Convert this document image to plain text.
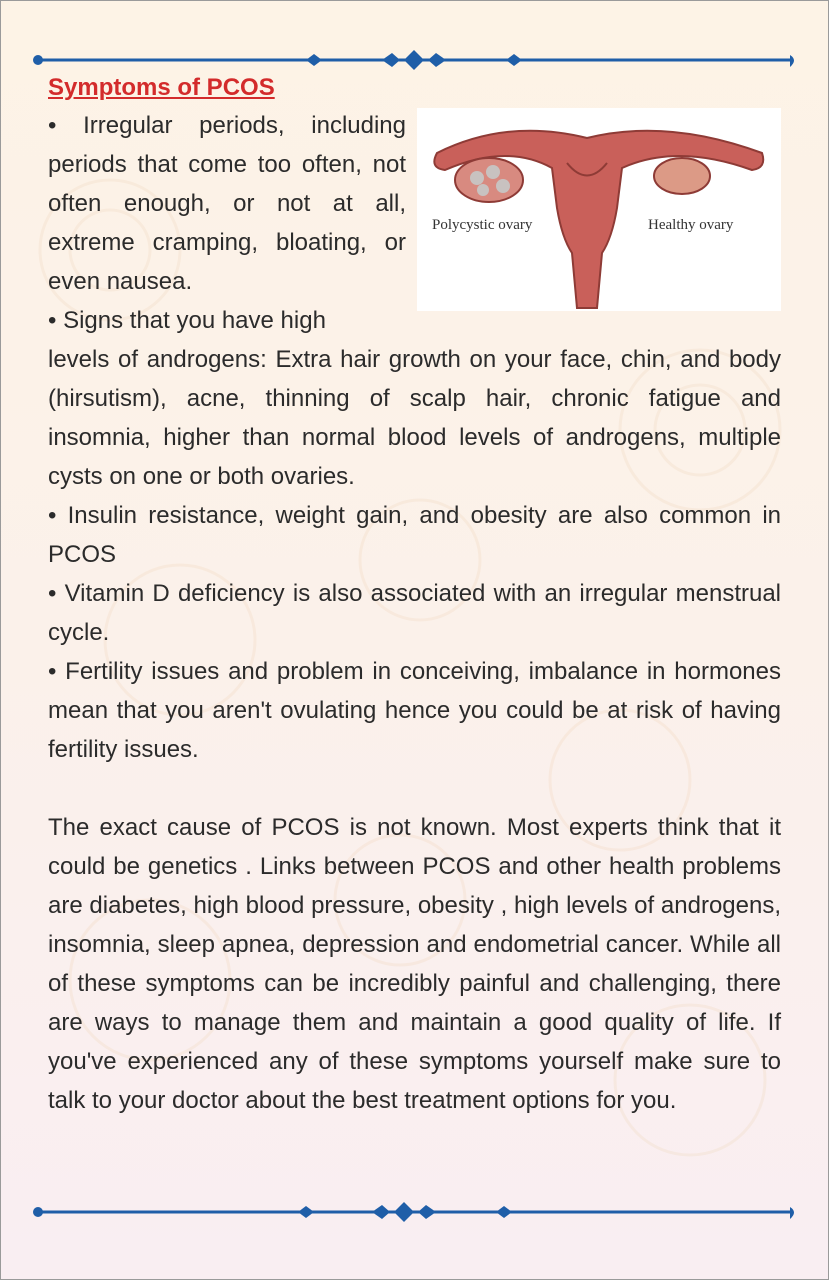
Symptoms of PCOS

• Irregular periods, including periods that come too often, not often enough, or not at all, extreme cramping, bloating, or even nausea.

• Signs that you have high

levels of androgens: Extra hair growth on your face, chin, and body (hirsutism), acne, thinning of scalp hair, chronic fatigue and insomnia, higher than normal blood levels of androgens, multiple cysts on one or both ovaries.

• Insulin resistance, weight gain, and obesity are also common in PCOS

• Vitamin D deficiency is also associated with an irregular menstrual cycle.

• Fertility issues and problem in conceiving, imbalance in hormones mean that you aren't ovulating hence you could be at risk of having fertility issues.

The exact cause of PCOS is not known. Most experts think that it could be genetics . Links between PCOS and other health problems are diabetes, high blood pressure, obesity , high levels of androgens, insomnia, sleep apnea, depression and endometrial cancer. While all of these symptoms can be incredibly painful and challenging, there are ways to manage them and maintain a good quality of life. If you've experienced any of these symptoms yourself make sure to talk to your doctor about the best treatment options for you.

Polycystic ovary	Healthy ovary
